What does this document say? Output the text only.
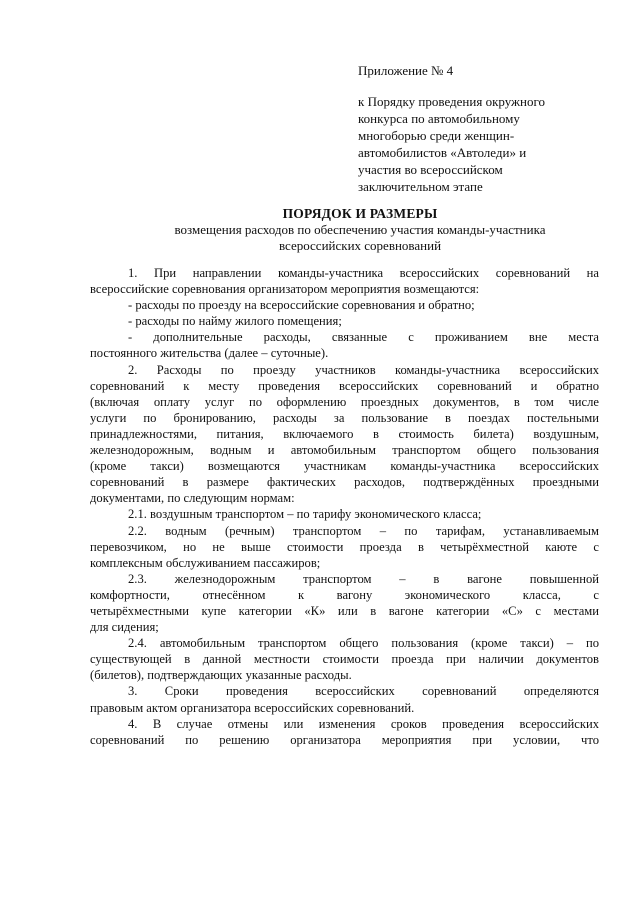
Приложение № 4
к Порядку проведения окружного
конкурса по автомобильному
многоборью среди женщин-
автомобилистов «Автоледи» и
участия во всероссийском
заключительном этапе
ПОРЯДОК И РАЗМЕРЫ
возмещения расходов по обеспечению участия команды-участника
всероссийских соревнований
1. При направлении команды-участника всероссийских соревнований на
всероссийские соревнования организатором мероприятия возмещаются:
- расходы по проезду на всероссийские соревнования и обратно;
- расходы по найму жилого помещения;
- дополнительные расходы, связанные с проживанием вне места
постоянного жительства (далее – суточные).
2. Расходы по проезду участников команды-участника всероссийских
соревнований к месту проведения всероссийских соревнований и обратно
(включая оплату услуг по оформлению проездных документов, в том числе
услуги по бронированию, расходы за пользование в поездах постельными
принадлежностями, питания, включаемого в стоимость билета) воздушным,
железнодорожным, водным и автомобильным транспортом общего пользования
(кроме такси) возмещаются участникам команды-участника всероссийских
соревнований в размере фактических расходов, подтверждённых проездными
документами, по следующим нормам:
2.1. воздушным транспортом – по тарифу экономического класса;
2.2. водным (речным) транспортом – по тарифам, устанавливаемым
перевозчиком, но не выше стоимости проезда в четырёхместной каюте с
комплексным обслуживанием пассажиров;
2.3. железнодорожным транспортом – в вагоне повышенной
комфортности, отнесённом к вагону экономического класса, с
четырёхместными купе категории «К» или в вагоне категории «С» с местами
для сидения;
2.4. автомобильным транспортом общего пользования (кроме такси) – по
существующей в данной местности стоимости проезда при наличии документов
(билетов), подтверждающих указанные расходы.
3. Сроки проведения всероссийских соревнований определяются
правовым актом организатора всероссийских соревнований.
4. В случае отмены или изменения сроков проведения всероссийских
соревнований по решению организатора мероприятия при условии, что
